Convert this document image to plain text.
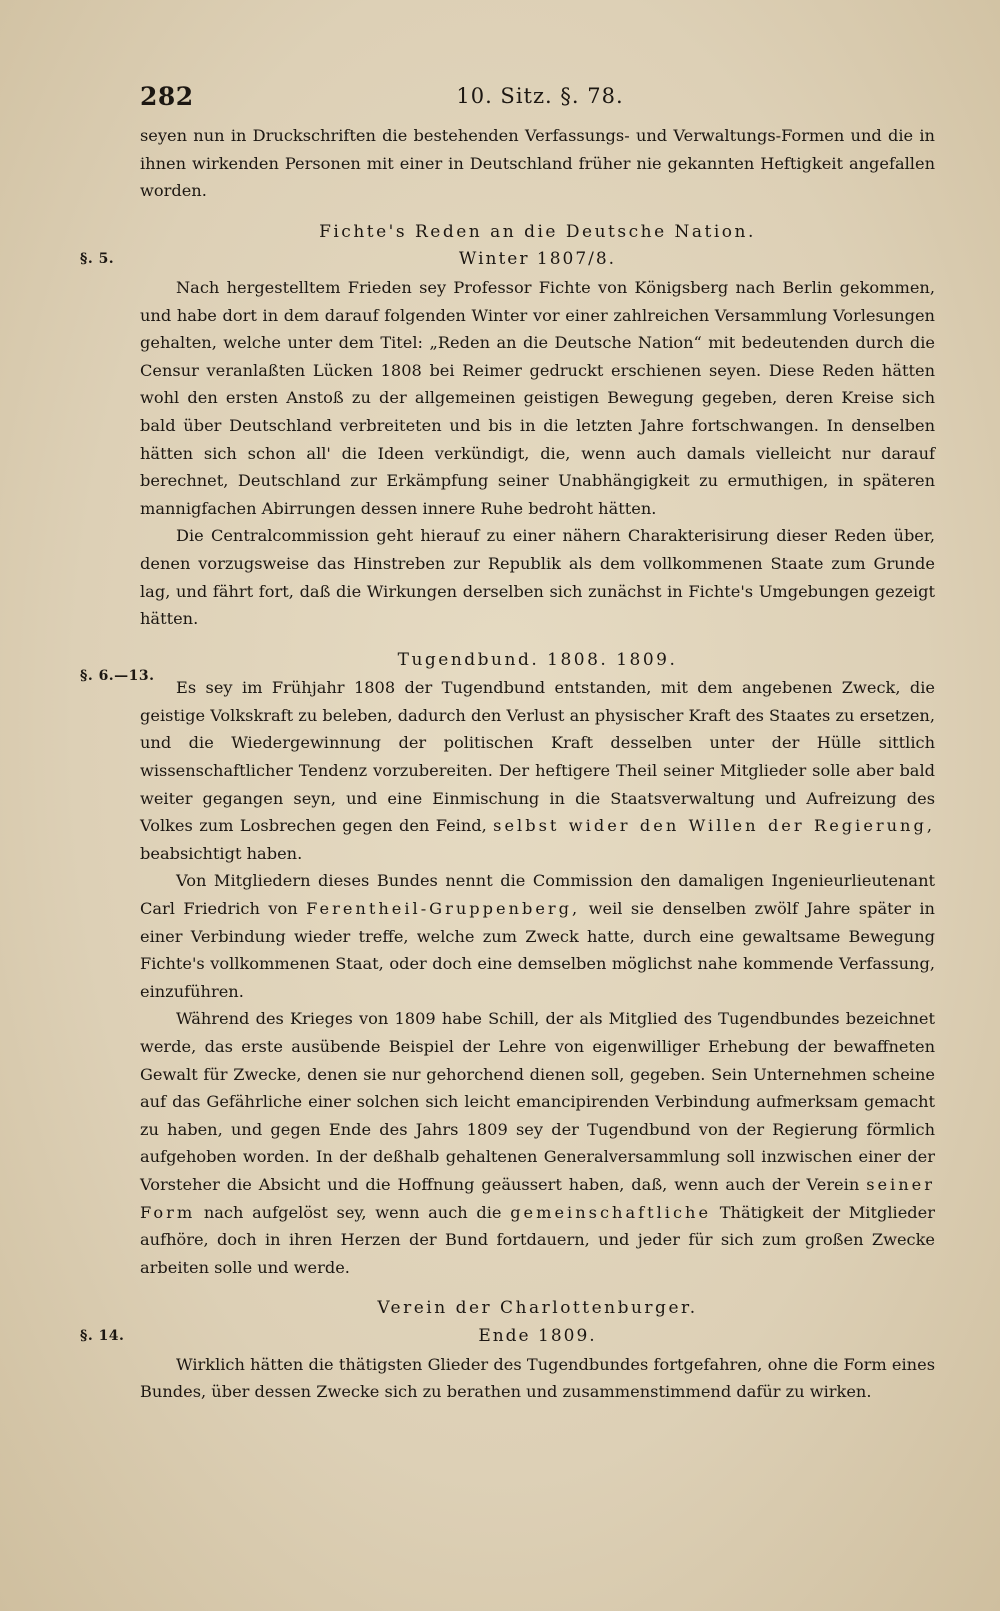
282	10. Sitz. §. 78.
§. 5.
§. 6.—13.
§. 14.

seyen nun in Druckschriften die bestehenden Verfassungs- und Verwaltungs-Formen und die in ihnen wirkenden Personen mit einer in Deutschland früher nie gekannten Heftigkeit angefallen worden.

Fichte's Reden an die Deutsche Nation.
Winter 1807/8.

Nach hergestelltem Frieden sey Professor Fichte von Königsberg nach Berlin gekommen, und habe dort in dem darauf folgenden Winter vor einer zahlreichen Versammlung Vorlesungen gehalten, welche unter dem Titel: „Reden an die Deutsche Nation“ mit bedeutenden durch die Censur veranlaßten Lücken 1808 bei Reimer gedruckt erschienen seyen. Diese Reden hätten wohl den ersten Anstoß zu der allgemeinen geistigen Bewegung gegeben, deren Kreise sich bald über Deutschland verbreiteten und bis in die letzten Jahre fortschwangen. In denselben hätten sich schon all' die Ideen verkündigt, die, wenn auch damals vielleicht nur darauf berechnet, Deutschland zur Erkämpfung seiner Unabhängigkeit zu ermuthigen, in späteren mannigfachen Abirrungen dessen innere Ruhe bedroht hätten.

Die Centralcommission geht hierauf zu einer nähern Charakterisirung dieser Reden über, denen vorzugsweise das Hinstreben zur Republik als dem vollkommenen Staate zum Grunde lag, und fährt fort, daß die Wirkungen derselben sich zunächst in Fichte's Umgebungen gezeigt hätten.

Tugendbund. 1808. 1809.

Es sey im Frühjahr 1808 der Tugendbund entstanden, mit dem angebenen Zweck, die geistige Volkskraft zu beleben, dadurch den Verlust an physischer Kraft des Staates zu ersetzen, und die Wiedergewinnung der politischen Kraft desselben unter der Hülle sittlich wissenschaftlicher Tendenz vorzubereiten. Der heftigere Theil seiner Mitglieder solle aber bald weiter gegangen seyn, und eine Einmischung in die Staatsverwaltung und Aufreizung des Volkes zum Losbrechen gegen den Feind, selbst wider den Willen der Regierung, beabsichtigt haben.

Von Mitgliedern dieses Bundes nennt die Commission den damaligen Ingenieurlieutenant Carl Friedrich von Ferentheil-Gruppenberg, weil sie denselben zwölf Jahre später in einer Verbindung wieder treffe, welche zum Zweck hatte, durch eine gewaltsame Bewegung Fichte's vollkommenen Staat, oder doch eine demselben möglichst nahe kommende Verfassung, einzuführen.

Während des Krieges von 1809 habe Schill, der als Mitglied des Tugendbundes bezeichnet werde, das erste ausübende Beispiel der Lehre von eigenwilliger Erhebung der bewaffneten Gewalt für Zwecke, denen sie nur gehorchend dienen soll, gegeben. Sein Unternehmen scheine auf das Gefährliche einer solchen sich leicht emancipirenden Verbindung aufmerksam gemacht zu haben, und gegen Ende des Jahrs 1809 sey der Tugendbund von der Regierung förmlich aufgehoben worden. In der deßhalb gehaltenen Generalversammlung soll inzwischen einer der Vorsteher die Absicht und die Hoffnung geäussert haben, daß, wenn auch der Verein seiner Form nach aufgelöst sey, wenn auch die gemeinschaftliche Thätigkeit der Mitglieder aufhöre, doch in ihren Herzen der Bund fortdauern, und jeder für sich zum großen Zwecke arbeiten solle und werde.

Verein der Charlottenburger.
Ende 1809.

Wirklich hätten die thätigsten Glieder des Tugendbundes fortgefahren, ohne die Form eines Bundes, über dessen Zwecke sich zu berathen und zusammenstimmend dafür zu wirken.
